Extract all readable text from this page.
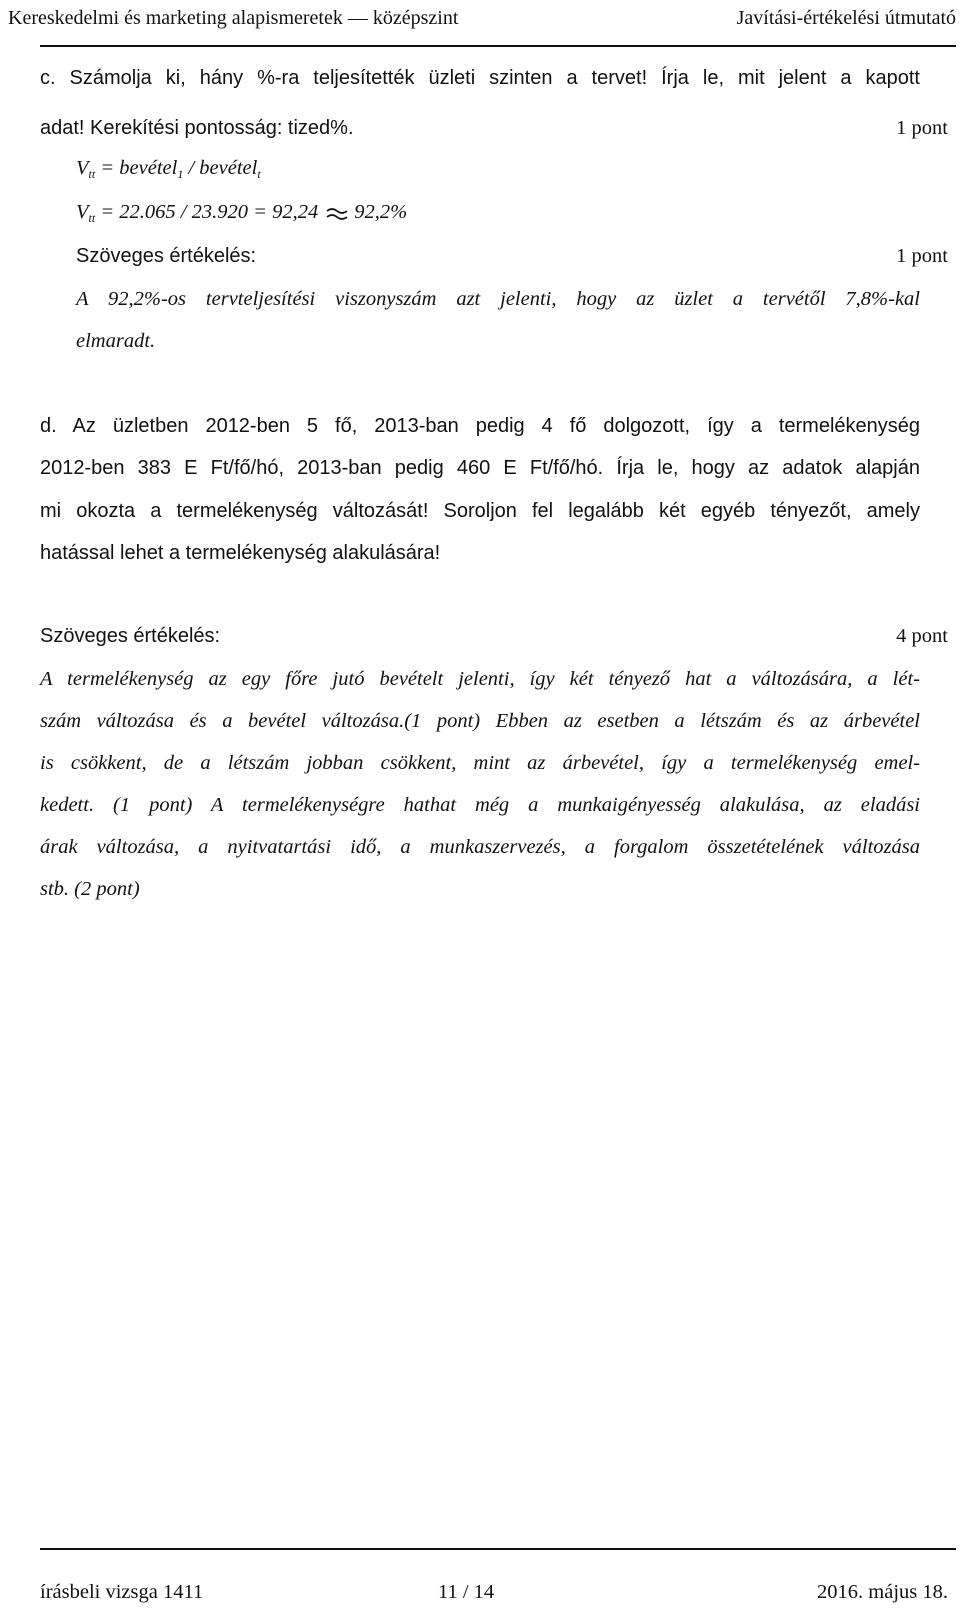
Kereskedelmi és marketing alapismeretek — középszint	Javítási-értékelési útmutató
c. Számolja ki, hány %-ra teljesítették üzleti szinten a tervet! Írja le, mit jelent a kapott
adat! Kerekítési pontosság: tized%.	1 pont
Vtt = bevétel1 / bevételt
Vtt = 22.065 / 23.920 = 92,24 92,2%
Szöveges értékelés:	1 pont
A 92,2%-os tervteljesítési viszonyszám azt jelenti, hogy az üzlet a tervétől 7,8%-kal
elmaradt.
d. Az üzletben 2012-ben 5 fő, 2013-ban pedig 4 fő dolgozott, így a termelékenység
2012-ben 383 E Ft/fő/hó, 2013-ban pedig 460 E Ft/fő/hó. Írja le, hogy az adatok alapján
mi okozta a termelékenység változását! Soroljon fel legalább két egyéb tényezőt, amely
hatással lehet a termelékenység alakulására!
Szöveges értékelés:	4 pont
A termelékenység az egy főre jutó bevételt jelenti, így két tényező hat a változására, a lét-
szám változása és a bevétel változása.(1 pont) Ebben az esetben a létszám és az árbevétel
is csökkent, de a létszám jobban csökkent, mint az árbevétel, így a termelékenység emel-
kedett. (1 pont) A termelékenységre hathat még a munkaigényesség alakulása, az eladási
árak változása, a nyitvatartási idő, a munkaszervezés, a forgalom összetételének változása
stb. (2 pont)
írásbeli vizsga 1411	11 / 14	2016. május 18.
